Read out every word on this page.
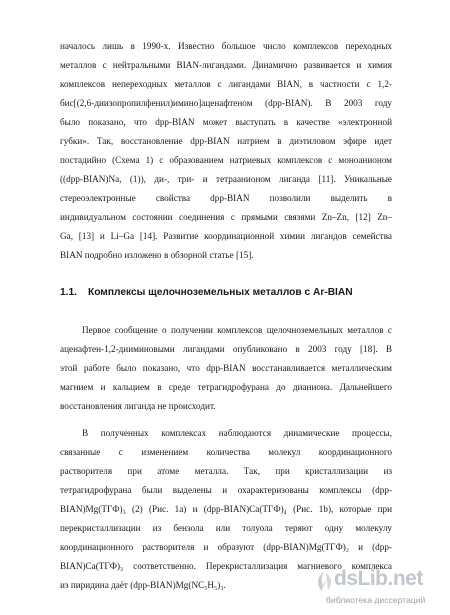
началось лишь в 1990-х. Известно большое число комплексов переходных
металлов с нейтральными BIAN-лигандами. Динамично развивается и химия
комплексов непереходных металлов с лигандами BIAN, в частности с 1,2-
бис[(2,6-диизопропилфенил)имино]аценафтеном (dpp-BIAN). В 2003 году
было показано, что dpp-BIAN может выступать в качестве «электронной
губки». Так, восстановление dpp-BIAN натрием в диэтиловом эфире идет
постадийно (Схема 1) с образованием натриевых комплексов с моноанионом
((dpp-BIAN)Na, (1)), ди-, три- и тетраанионом лиганда [11]. Уникальные
стереоэлектронные свойства dpp-BIAN позволили выделить в
индивидуальном состоянии соединения с прямыми связями Zn–Zn, [12] Zn–
Ga, [13] и Li–Ga [14]. Развитие координационной химии лигандов семейства
BIAN подробно изложено в обзорной статье [15].
1.1. Комплексы щелочноземельных металлов с Ar-BIAN
Первое сообщение о получении комплексов щелочноземельных металлов с
аценафтен-1,2-дииминовыми лигандами опубликовано в 2003 году [18]. В
этой работе было показано, что dpp-BIAN восстанавливается металлическим
магнием и кальцием в среде тетрагидрофурана до дианиона. Дальнейшего
восстановления лиганда не происходит.
В полученных комплексах наблюдаются динамические процессы,
связанные с изменением количества молекул координационного
растворителя при атоме металла. Так, при кристаллизации из
тетрагидрофурана были выделены и охарактеризованы комплексы (dpp-
BIAN)Mg(ТГФ)₃ (2) (Рис. 1a) и (dpp-BIAN)Ca(ТГФ)₄ (Рис. 1b), которые при
перекристаллизации из бензола или толуола теряют одну молекулу
координационного растворителя и образуют (dpp-BIAN)Mg(ТГФ)₂ и (dpp-
BIAN)Ca(ТГФ)₃ соответственно. Перекристаллизация магниевого комплекса
из пиридина даёт (dpp-BIAN)Mg(NC₅H₅)₃.	dsLib.net
библиотека диссертаций
